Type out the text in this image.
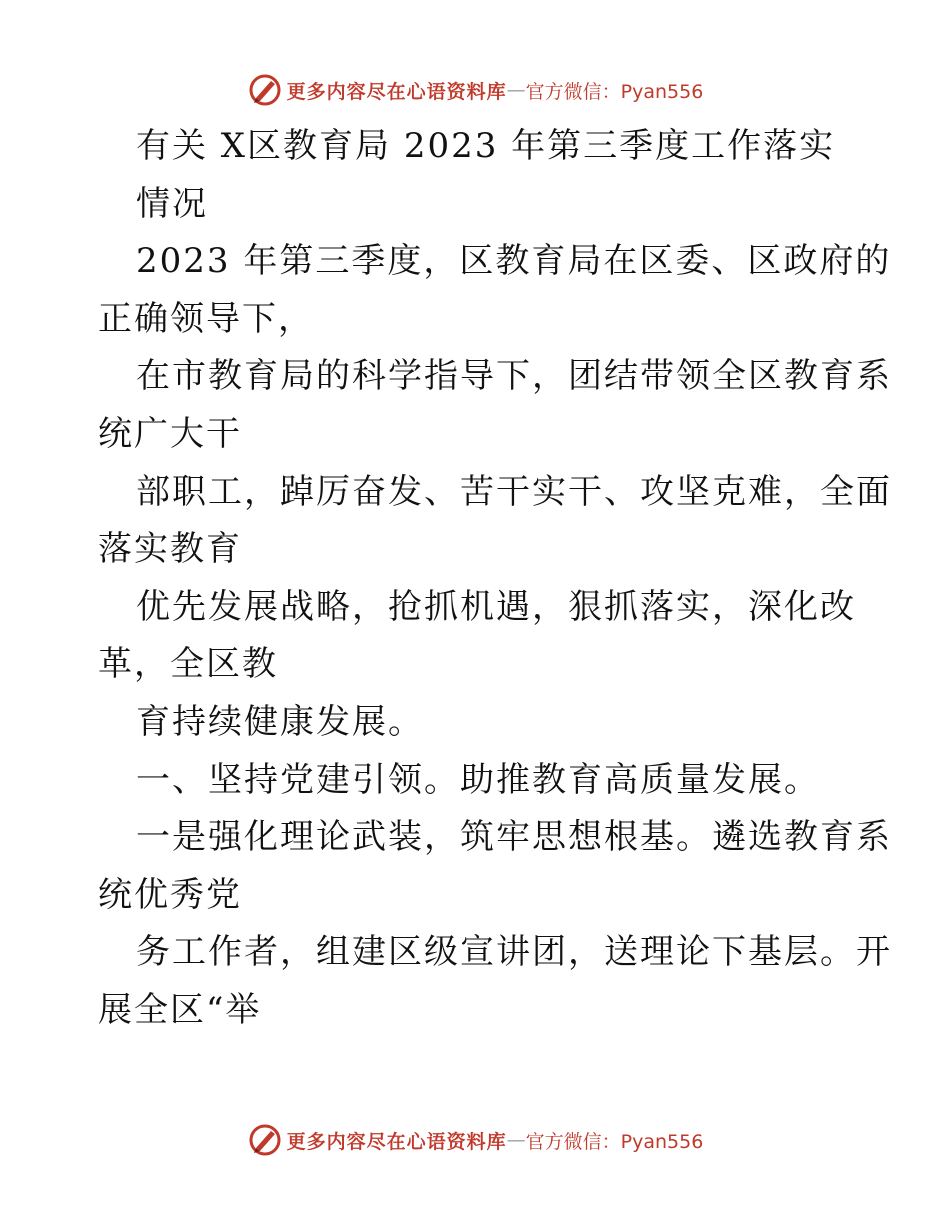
更多内容尽在心语资料库 — 官方微信：Pyan556
有关 X区教育局 2023 年第三季度工作落实
情况
2023 年第三季度，区教育局在区委、区政府的
正确领导下，
在市教育局的科学指导下，团结带领全区教育系
统广大干
部职工，踔厉奋发、苦干实干、攻坚克难，全面
落实教育
优先发展战略，抢抓机遇，狠抓落实，深化改
革，全区教
育持续健康发展。
一、坚持党建引领。助推教育高质量发展。
一是强化理论武装，筑牢思想根基。遴选教育系
统优秀党
务工作者，组建区级宣讲团，送理论下基层。开
展全区“举
更多内容尽在心语资料库 — 官方微信：Pyan556
